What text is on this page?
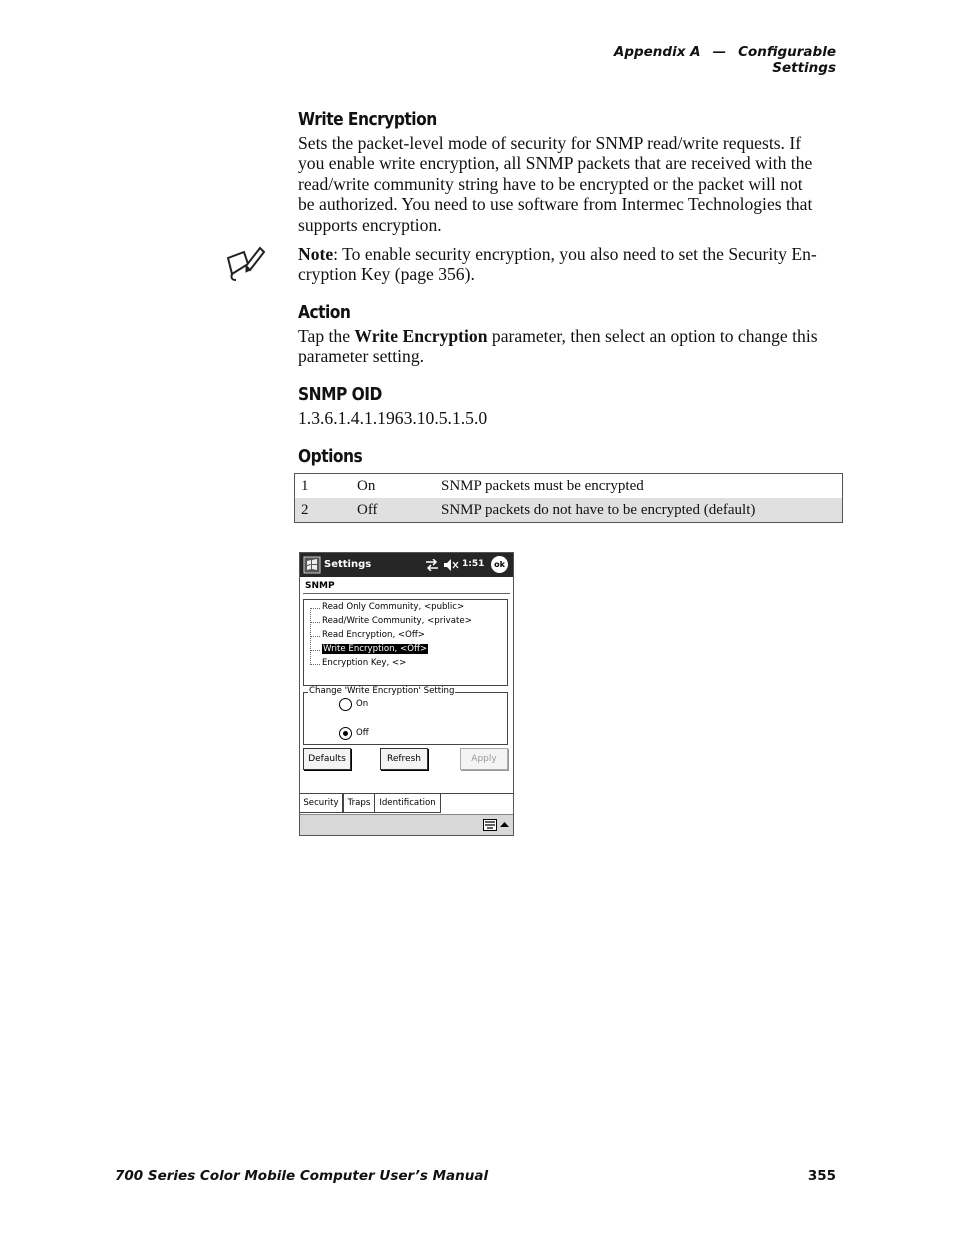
Appendix A — Configurable Settings
Write Encryption
Sets the packet-level mode of security for SNMP read/write requests. If
you enable write encryption, all SNMP packets that are received with the
read/write community string have to be encrypted or the packet will not
be authorized. You need to use software from Intermec Technologies that
supports encryption.
Note: To enable security encryption, you also need to set the Security En-
cryption Key (page 356).
Action
Tap the Write Encryption parameter, then select an option to change this
parameter setting.
SNMP OID
1.3.6.1.4.1.1963.10.5.1.5.0
Options
1	On	SNMP packets must be encrypted
2	Off	SNMP packets do not have to be encrypted (default)
Settings	1:51	ok
SNMP
Read Only Community, <public>
Read/Write Community, <private>
Read Encryption, <Off>
Write Encryption, <Off>
Encryption Key, <>
Change 'Write Encryption' Setting
On
Off
Defaults	Refresh	Apply
Security	Traps	Identification
700 Series Color Mobile Computer User’s Manual	355
